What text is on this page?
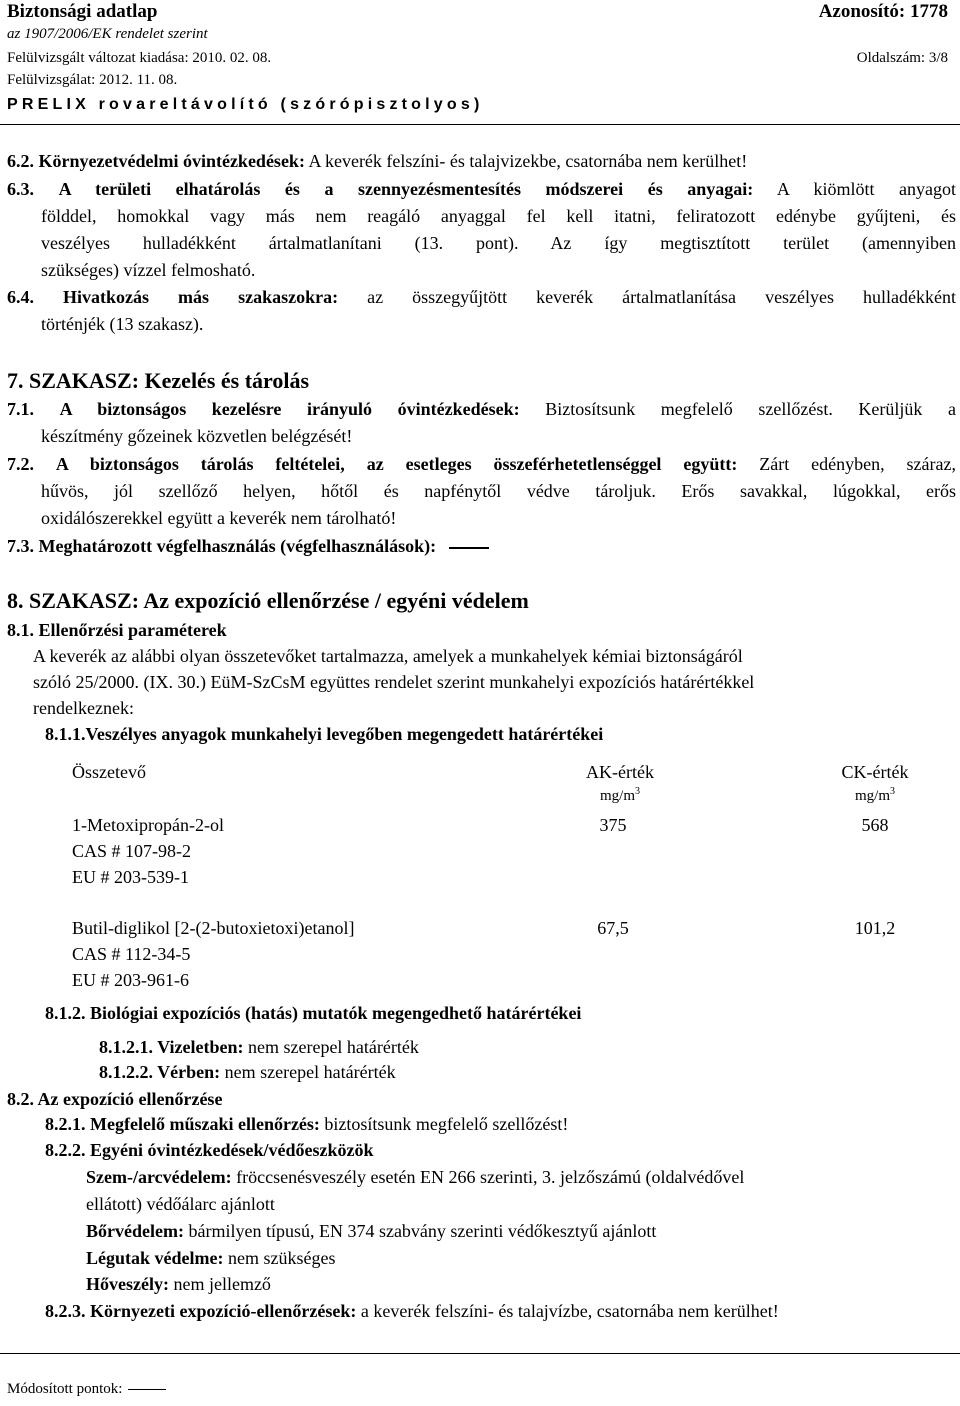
Biztonsági adatlap	Azonosító: 1778
az 1907/2006/EK rendelet szerint
Felülvizsgált változat kiadása: 2010. 02. 08.	Oldalszám: 3/8
Felülvizsgálat: 2012. 11. 08.
PRELIX rovareltávolító (szórópisztolyos)
6.2. Környezetvédelmi óvintézkedések: A keverék felszíni- és talajvizekbe, csatornába nem kerülhet!
6.3. A területi elhatárolás és a szennyezésmentesítés módszerei és anyagai: A kiömlött anyagot
földdel, homokkal vagy más nem reagáló anyaggal fel kell itatni, feliratozott edénybe gyűjteni, és
veszélyes hulladékként ártalmatlanítani (13. pont). Az így megtisztított terület (amennyiben
szükséges) vízzel felmosható.
6.4. Hivatkozás más szakaszokra: az összegyűjtött keverék ártalmatlanítása veszélyes hulladékként
történjék (13 szakasz).
7. SZAKASZ: Kezelés és tárolás
7.1. A biztonságos kezelésre irányuló óvintézkedések: Biztosítsunk megfelelő szellőzést. Kerüljük a
készítmény gőzeinek közvetlen belégzését!
7.2. A biztonságos tárolás feltételei, az esetleges összeférhetetlenséggel együtt: Zárt edényben, száraz,
hűvös, jól szellőző helyen, hőtől és napfénytől védve tároljuk. Erős savakkal, lúgokkal, erős
oxidálószerekkel együtt a keverék nem tárolható!
7.3. Meghatározott végfelhasználás (végfelhasználások):
8. SZAKASZ: Az expozíció ellenőrzése / egyéni védelem
8.1. Ellenőrzési paraméterek
A keverék az alábbi olyan összetevőket tartalmazza, amelyek a munkahelyek kémiai biztonságáról
szóló 25/2000. (IX. 30.) EüM-SzCsM együttes rendelet szerint munkahelyi expozíciós határértékkel
rendelkeznek:
8.1.1.Veszélyes anyagok munkahelyi levegőben megengedett határértékei
Összetevő	AK-érték	CK-érték
$mg/m^3$	$mg/m^3$
1-Metoxipropán-2-ol
CAS # 107-98-2
EU # 203-539-1
375	568
Butil-diglikol [2-(2-butoxietoxi)etanol]
CAS # 112-34-5
EU # 203-961-6
67,5	101,2
8.1.2. Biológiai expozíciós (hatás) mutatók megengedhető határértékei
8.1.2.1. Vizeletben: nem szerepel határérték
8.1.2.2. Vérben: nem szerepel határérték
8.2. Az expozíció ellenőrzése
8.2.1. Megfelelő műszaki ellenőrzés: biztosítsunk megfelelő szellőzést!
8.2.2. Egyéni óvintézkedések/védőeszközök
Szem-/arcvédelem: fröccsenésveszély esetén EN 266 szerinti, 3. jelzőszámú (oldalvédővel
ellátott) védőálarc ajánlott
Bőrvédelem: bármilyen típusú, EN 374 szabvány szerinti védőkesztyű ajánlott
Légutak védelme: nem szükséges
Hőveszély: nem jellemző
8.2.3. Környezeti expozíció-ellenőrzések: a keverék felszíni- és talajvízbe, csatornába nem kerülhet!
Módosított pontok:
